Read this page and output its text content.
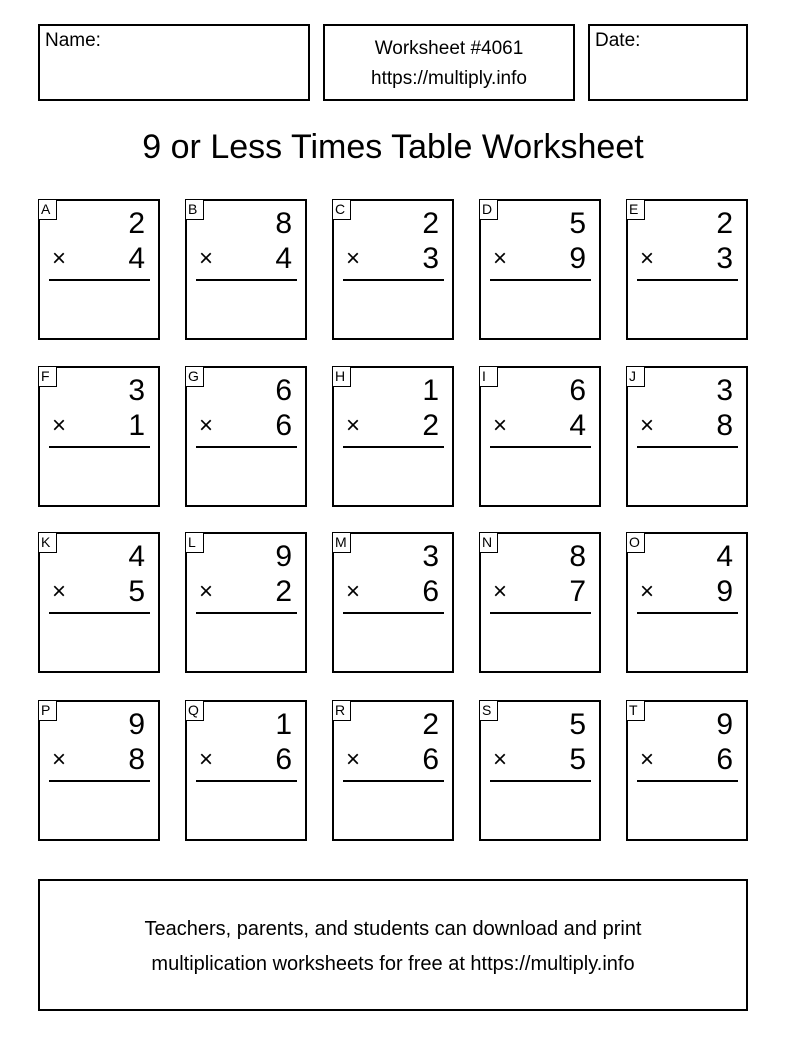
Name:	Worksheet #4061
https://multiply.info
Date:
9 or Less Times Table Worksheet
A	2
× 4
B	8
× 4
C	2
× 3
D	5
× 9
E	2
× 3
F	3
× 1
G	6
× 6
H	1
× 2
I	6
× 4
J	3
× 8
K	4
× 5
L	9
× 2
M	3
× 6
N	8
× 7
O	4
× 9
P	9
× 8
Q	1
× 6
R	2
× 6
S	5
× 5
T	9
× 6
Teachers, parents, and students can download and print
multiplication worksheets for free at https://multiply.info
